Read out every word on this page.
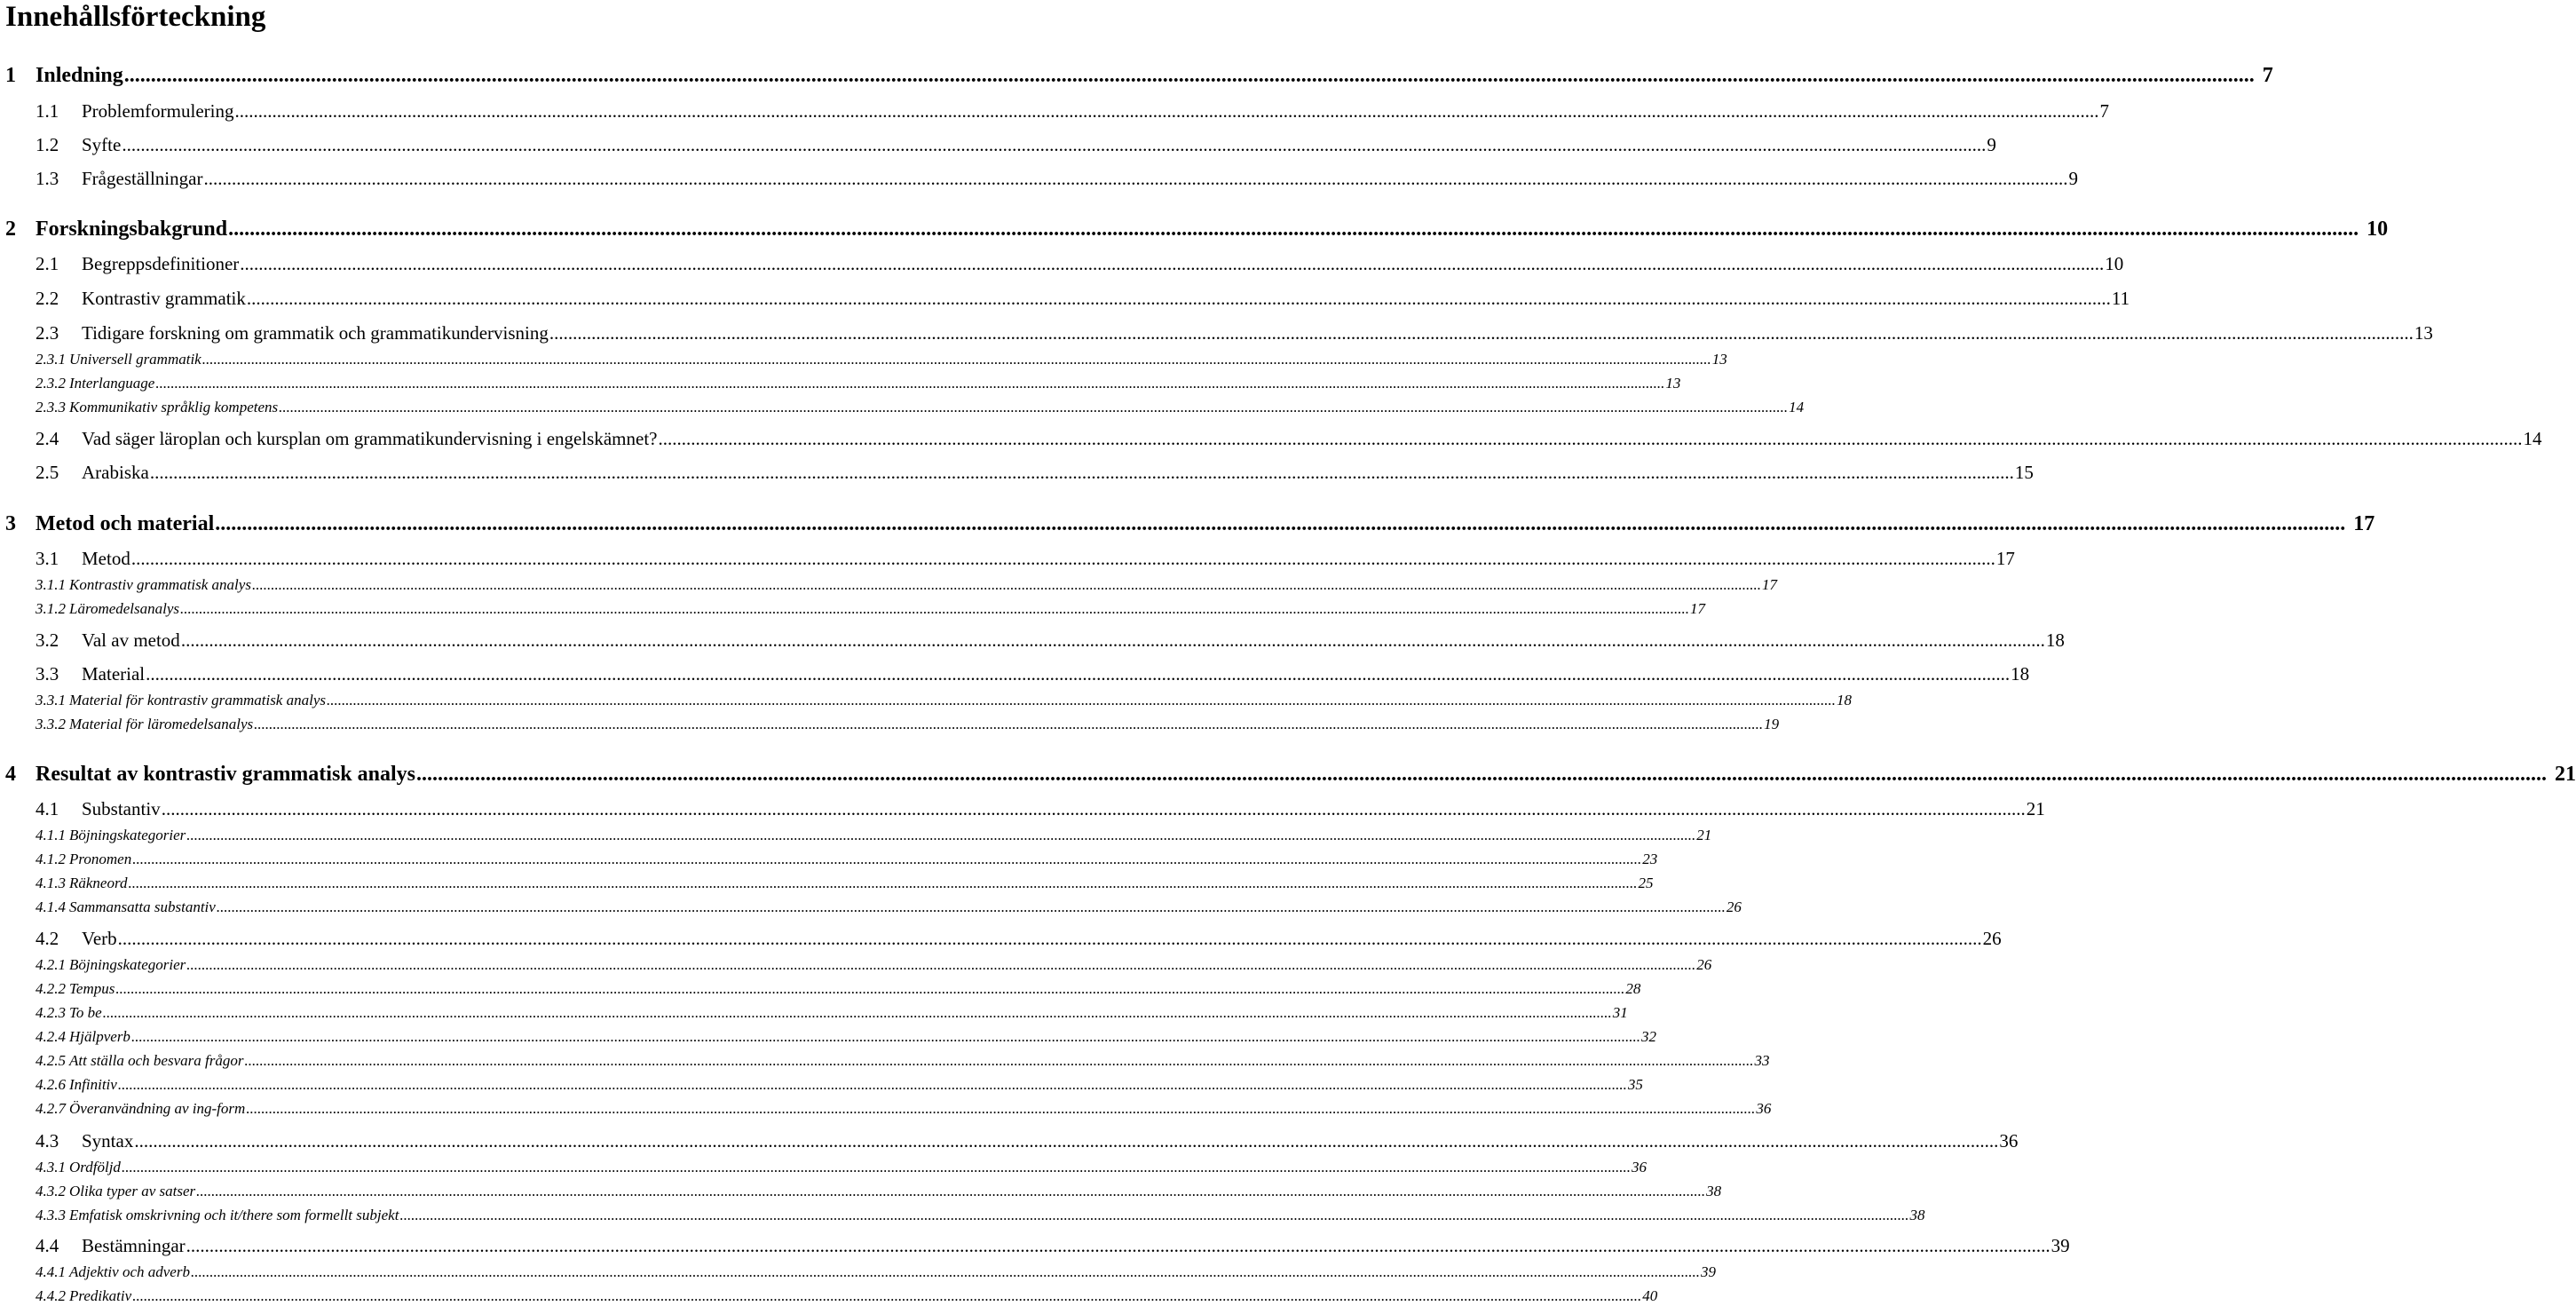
Innehållsförteckning
1 Inledning ................................................................................................................................................................................................................................................................................................................................................................................................................ 7
1.1	Problemformulering ................................................................................................................................................................................................................................................................................................................................................................................................................ 7
1.2	Syfte ................................................................................................................................................................................................................................................................................................................................................................................................................ 9
1.3	Frågeställningar ................................................................................................................................................................................................................................................................................................................................................................................................................ 9
2 Forskningsbakgrund ................................................................................................................................................................................................................................................................................................................................................................................................................ 10
2.1	Begreppsdefinitioner ................................................................................................................................................................................................................................................................................................................................................................................................................ 10
2.2	Kontrastiv grammatik ................................................................................................................................................................................................................................................................................................................................................................................................................ 11
2.3	Tidigare forskning om grammatik och grammatikundervisning ................................................................................................................................................................................................................................................................................................................................................................................................................ 13
2.3.1 Universell grammatik ................................................................................................................................................................................................................................................................................................................................................................................................................ 13
2.3.2 Interlanguage ................................................................................................................................................................................................................................................................................................................................................................................................................ 13
2.3.3 Kommunikativ språklig kompetens ................................................................................................................................................................................................................................................................................................................................................................................................................ 14
2.4	Vad säger läroplan och kursplan om grammatikundervisning i engelskämnet? ................................................................................................................................................................................................................................................................................................................................................................................................................ 14
2.5	Arabiska ................................................................................................................................................................................................................................................................................................................................................................................................................ 15
3 Metod och material ................................................................................................................................................................................................................................................................................................................................................................................................................ 17
3.1	Metod ................................................................................................................................................................................................................................................................................................................................................................................................................ 17
3.1.1 Kontrastiv grammatisk analys ................................................................................................................................................................................................................................................................................................................................................................................................................ 17
3.1.2 Läromedelsanalys ................................................................................................................................................................................................................................................................................................................................................................................................................ 17
3.2	Val av metod ................................................................................................................................................................................................................................................................................................................................................................................................................ 18
3.3	Material ................................................................................................................................................................................................................................................................................................................................................................................................................ 18
3.3.1 Material för kontrastiv grammatisk analys ................................................................................................................................................................................................................................................................................................................................................................................................................ 18
3.3.2 Material för läromedelsanalys ................................................................................................................................................................................................................................................................................................................................................................................................................ 19
4 Resultat av kontrastiv grammatisk analys ................................................................................................................................................................................................................................................................................................................................................................................................................ 21
4.1	Substantiv ................................................................................................................................................................................................................................................................................................................................................................................................................ 21
4.1.1 Böjningskategorier ................................................................................................................................................................................................................................................................................................................................................................................................................ 21
4.1.2 Pronomen ................................................................................................................................................................................................................................................................................................................................................................................................................ 23
4.1.3 Räkneord ................................................................................................................................................................................................................................................................................................................................................................................................................ 25
4.1.4 Sammansatta substantiv ................................................................................................................................................................................................................................................................................................................................................................................................................ 26
4.2	Verb ................................................................................................................................................................................................................................................................................................................................................................................................................ 26
4.2.1 Böjningskategorier ................................................................................................................................................................................................................................................................................................................................................................................................................ 26
4.2.2 Tempus ................................................................................................................................................................................................................................................................................................................................................................................................................ 28
4.2.3 To be ................................................................................................................................................................................................................................................................................................................................................................................................................ 31
4.2.4 Hjälpverb ................................................................................................................................................................................................................................................................................................................................................................................................................ 32
4.2.5 Att ställa och besvara frågor ................................................................................................................................................................................................................................................................................................................................................................................................................ 33
4.2.6 Infinitiv ................................................................................................................................................................................................................................................................................................................................................................................................................ 35
4.2.7 Överanvändning av ing-form ................................................................................................................................................................................................................................................................................................................................................................................................................ 36
4.3	Syntax ................................................................................................................................................................................................................................................................................................................................................................................................................ 36
4.3.1 Ordföljd ................................................................................................................................................................................................................................................................................................................................................................................................................ 36
4.3.2 Olika typer av satser ................................................................................................................................................................................................................................................................................................................................................................................................................ 38
4.3.3 Emfatisk omskrivning och it/there som formellt subjekt ................................................................................................................................................................................................................................................................................................................................................................................................................ 38
4.4	Bestämningar ................................................................................................................................................................................................................................................................................................................................................................................................................ 39
4.4.1 Adjektiv och adverb ................................................................................................................................................................................................................................................................................................................................................................................................................ 39
4.4.2 Predikativ ................................................................................................................................................................................................................................................................................................................................................................................................................ 40
